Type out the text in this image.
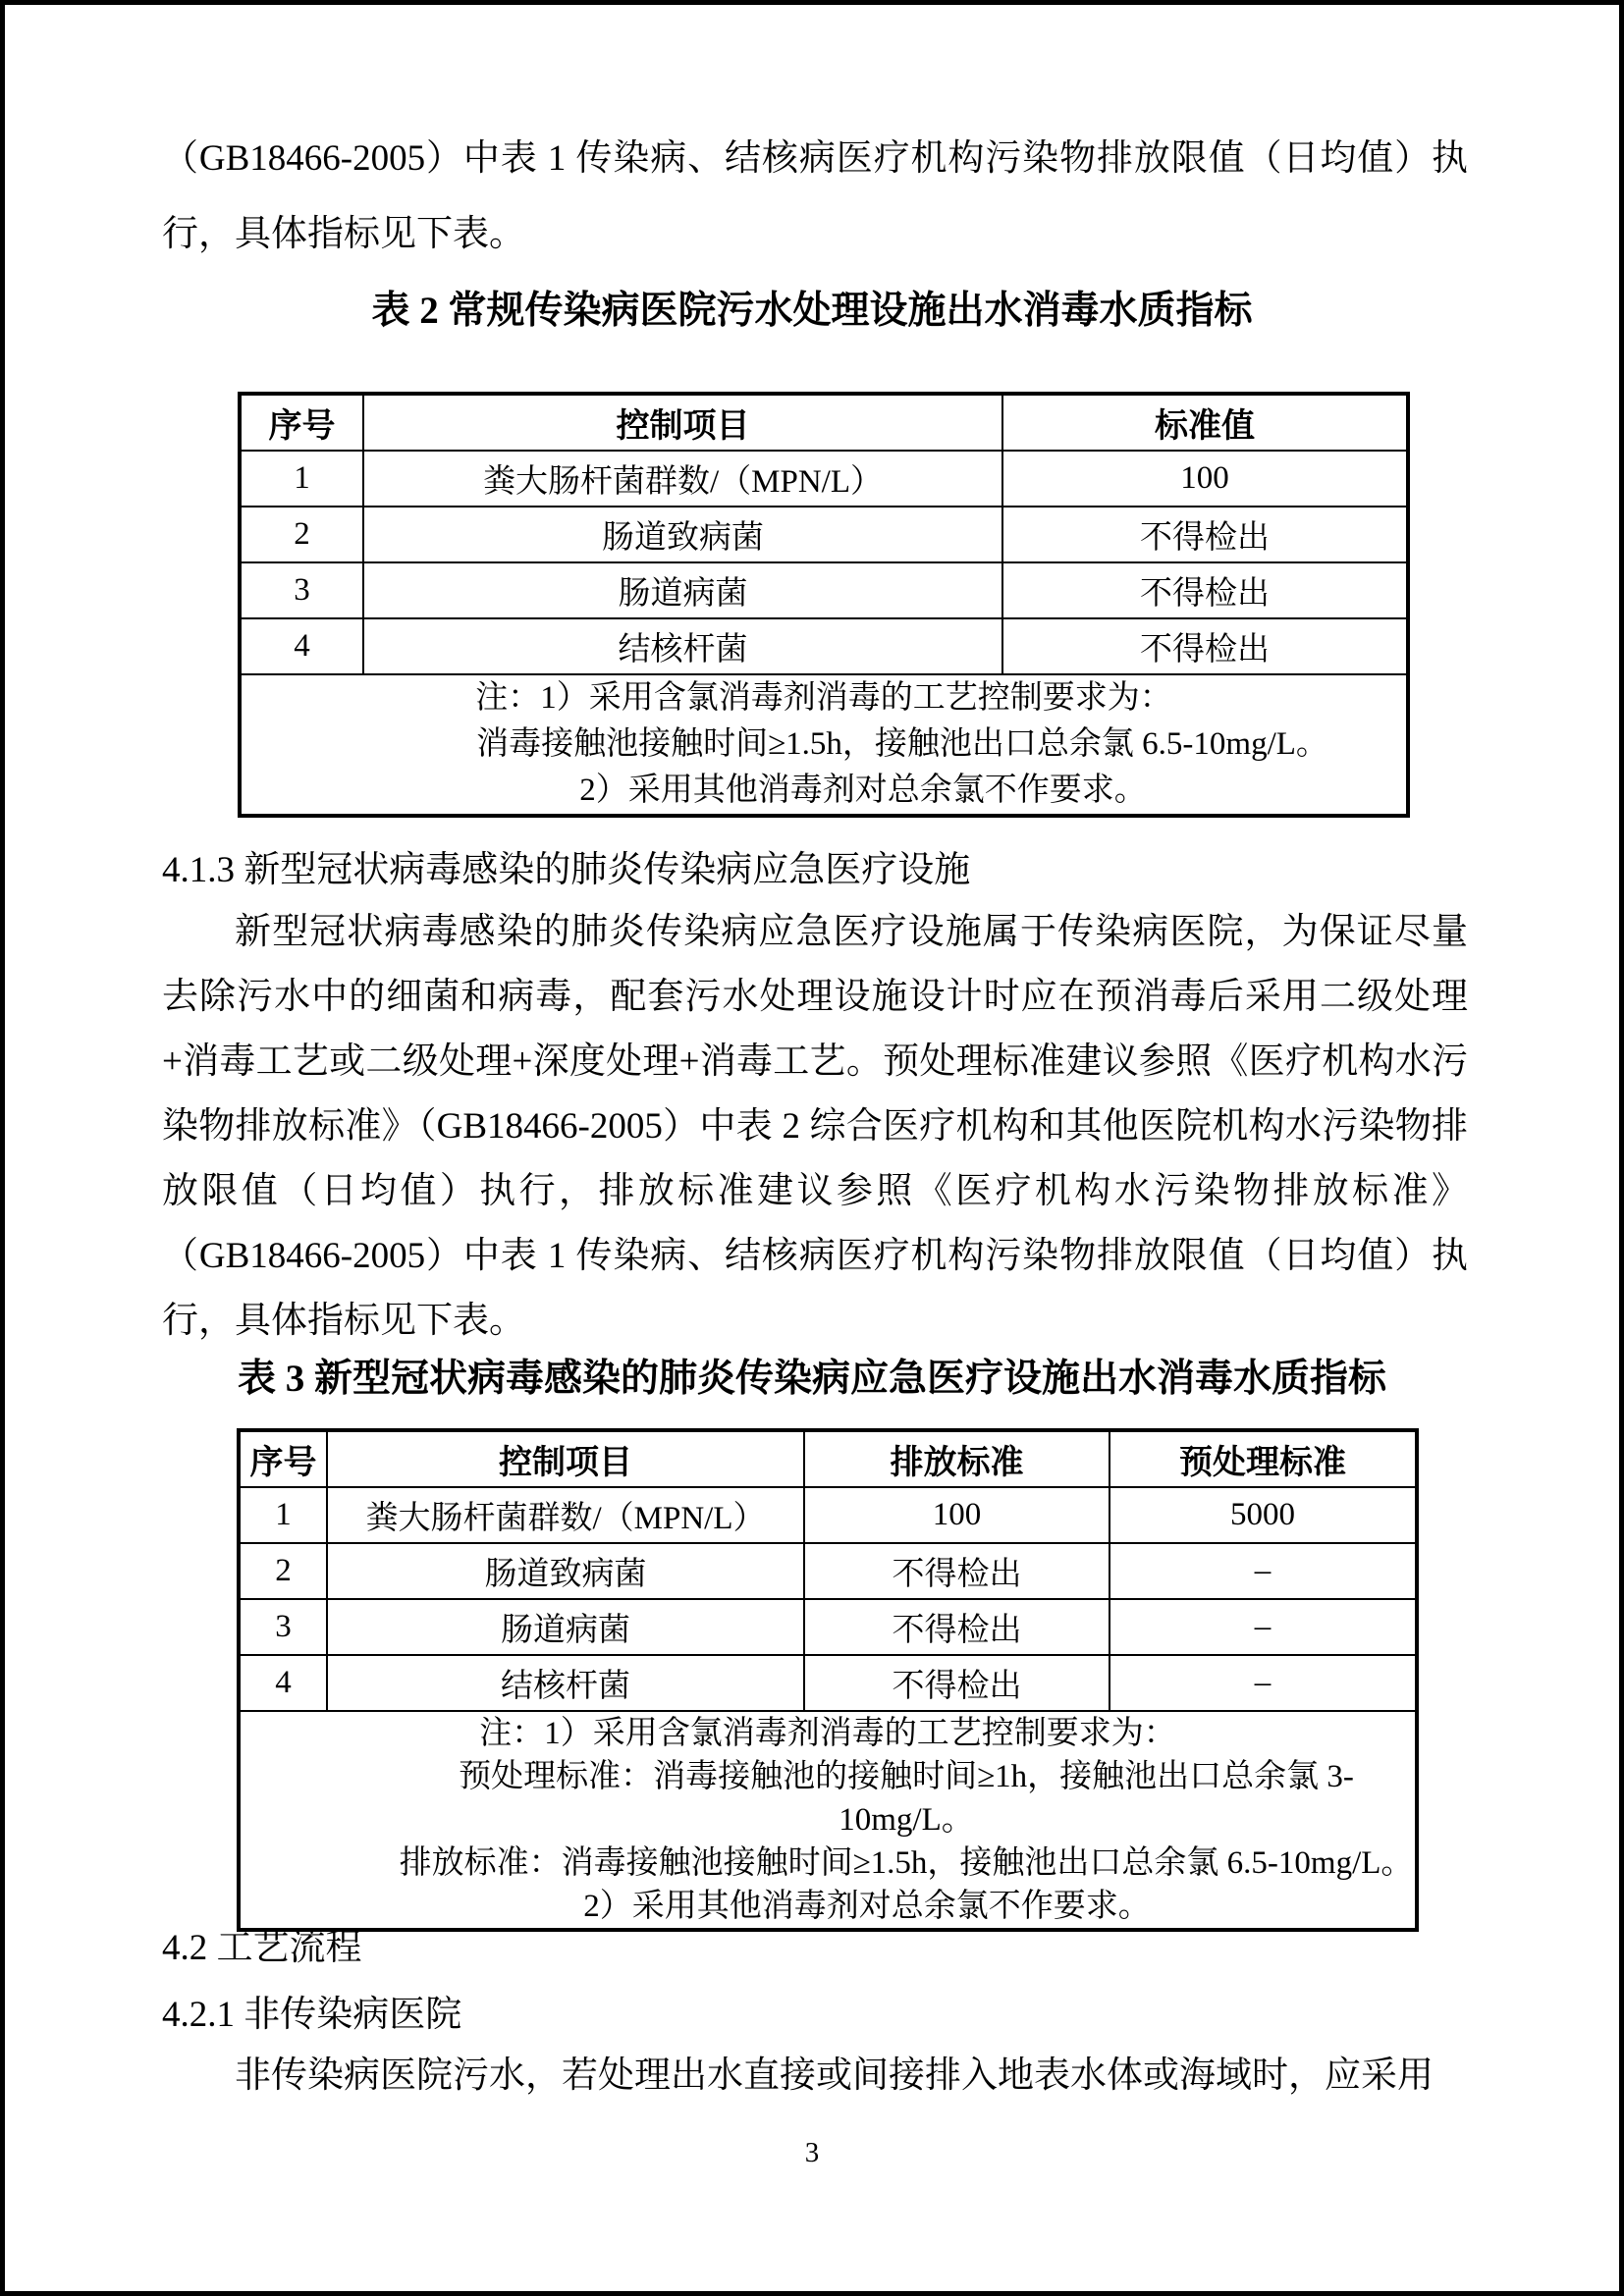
（GB18466-2005）中表 1 传染病、结核病医疗机构污染物排放限值（日均值）执行，具体指标见下表。
表 2 常规传染病医院污水处理设施出水消毒水质指标
序号	控制项目	标准值
1	粪大肠杆菌群数/（MPN/L）	100
2	肠道致病菌	不得检出
3	肠道病菌	不得检出
4	结核杆菌	不得检出

注：1）采用含氯消毒剂消毒的工艺控制要求为：
消毒接触池接触时间≥1.5h，接触池出口总余氯 6.5-10mg/L。
2）采用其他消毒剂对总余氯不作要求。		
4.1.3 新型冠状病毒感染的肺炎传染病应急医疗设施
新型冠状病毒感染的肺炎传染病应急医疗设施属于传染病医院，为保证尽量去除污水中的细菌和病毒，配套污水处理设施设计时应在预消毒后采用二级处理+消毒工艺或二级处理+深度处理+消毒工艺。预处理标准建议参照《医疗机构水污染物排放标准》（GB18466-2005）中表 2 综合医疗机构和其他医院机构水污染物排放限值（日均值）执行，排放标准建议参照《医疗机构水污染物排放标准》（GB18466-2005）中表 1 传染病、结核病医疗机构污染物排放限值（日均值）执行，具体指标见下表。
表 3 新型冠状病毒感染的肺炎传染病应急医疗设施出水消毒水质指标
序号	控制项目	排放标准	预处理标准
1	粪大肠杆菌群数/（MPN/L）	100	5000
2	肠道致病菌	不得检出	–
3	肠道病菌	不得检出	–
4	结核杆菌	不得检出	–

注：1）采用含氯消毒剂消毒的工艺控制要求为：
预处理标准：消毒接触池的接触时间≥1h，接触池出口总余氯 3-10mg/L。
排放标准：消毒接触池接触时间≥1.5h，接触池出口总余氯 6.5-10mg/L。
2）采用其他消毒剂对总余氯不作要求。			
4.2 工艺流程
4.2.1 非传染病医院
非传染病医院污水，若处理出水直接或间接排入地表水体或海域时，应采用
3
